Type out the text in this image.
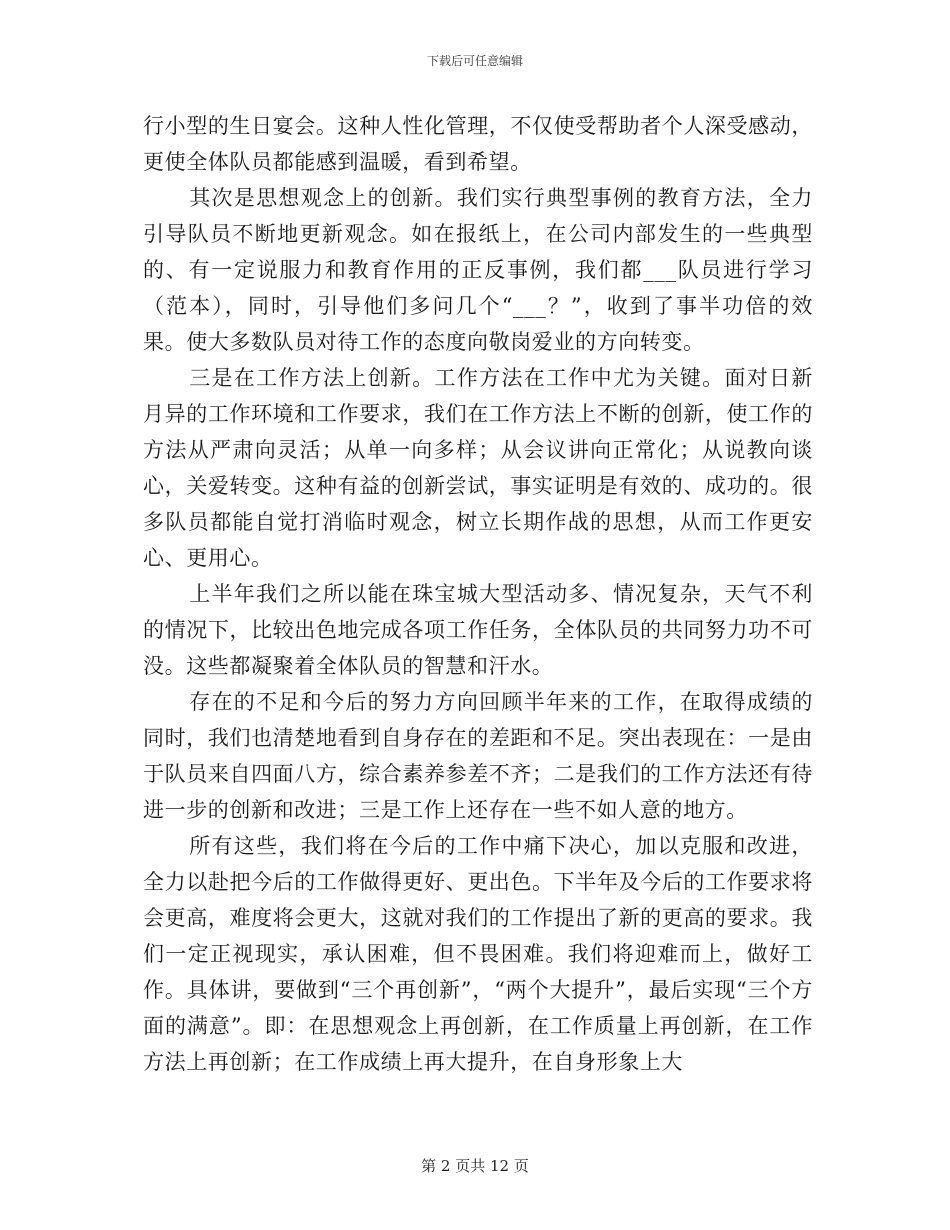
下载后可任意编辑

行小型的生日宴会。这种人性化管理，不仅使受帮助者个人深受感动，更使全体队员都能感到温暖，看到希望。

其次是思想观念上的创新。我们实行典型事例的教育方法，全力引导队员不断地更新观念。如在报纸上，在公司内部发生的一些典型的、有一定说服力和教育作用的正反事例，我们都___队员进行学习（范本），同时，引导他们多问几个“___？”，收到了事半功倍的效果。使大多数队员对待工作的态度向敬岗爱业的方向转变。

三是在工作方法上创新。工作方法在工作中尤为关键。面对日新月异的工作环境和工作要求，我们在工作方法上不断的创新，使工作的方法从严肃向灵活；从单一向多样；从会议讲向正常化；从说教向谈心，关爱转变。这种有益的创新尝试，事实证明是有效的、成功的。很多队员都能自觉打消临时观念，树立长期作战的思想，从而工作更安心、更用心。

上半年我们之所以能在珠宝城大型活动多、情况复杂，天气不利的情况下，比较出色地完成各项工作任务，全体队员的共同努力功不可没。这些都凝聚着全体队员的智慧和汗水。

存在的不足和今后的努力方向回顾半年来的工作，在取得成绩的同时，我们也清楚地看到自身存在的差距和不足。突出表现在：一是由于队员来自四面八方，综合素养参差不齐；二是我们的工作方法还有待进一步的创新和改进；三是工作上还存在一些不如人意的地方。

所有这些，我们将在今后的工作中痛下决心，加以克服和改进，全力以赴把今后的工作做得更好、更出色。下半年及今后的工作要求将会更高，难度将会更大，这就对我们的工作提出了新的更高的要求。我们一定正视现实，承认困难，但不畏困难。我们将迎难而上，做好工作。具体讲，要做到“三个再创新”，“两个大提升”，最后实现“三个方面的满意”。即：在思想观念上再创新，在工作质量上再创新，在工作方法上再创新；在工作成绩上再大提升，在自身形象上大

第 2 页共 12 页
